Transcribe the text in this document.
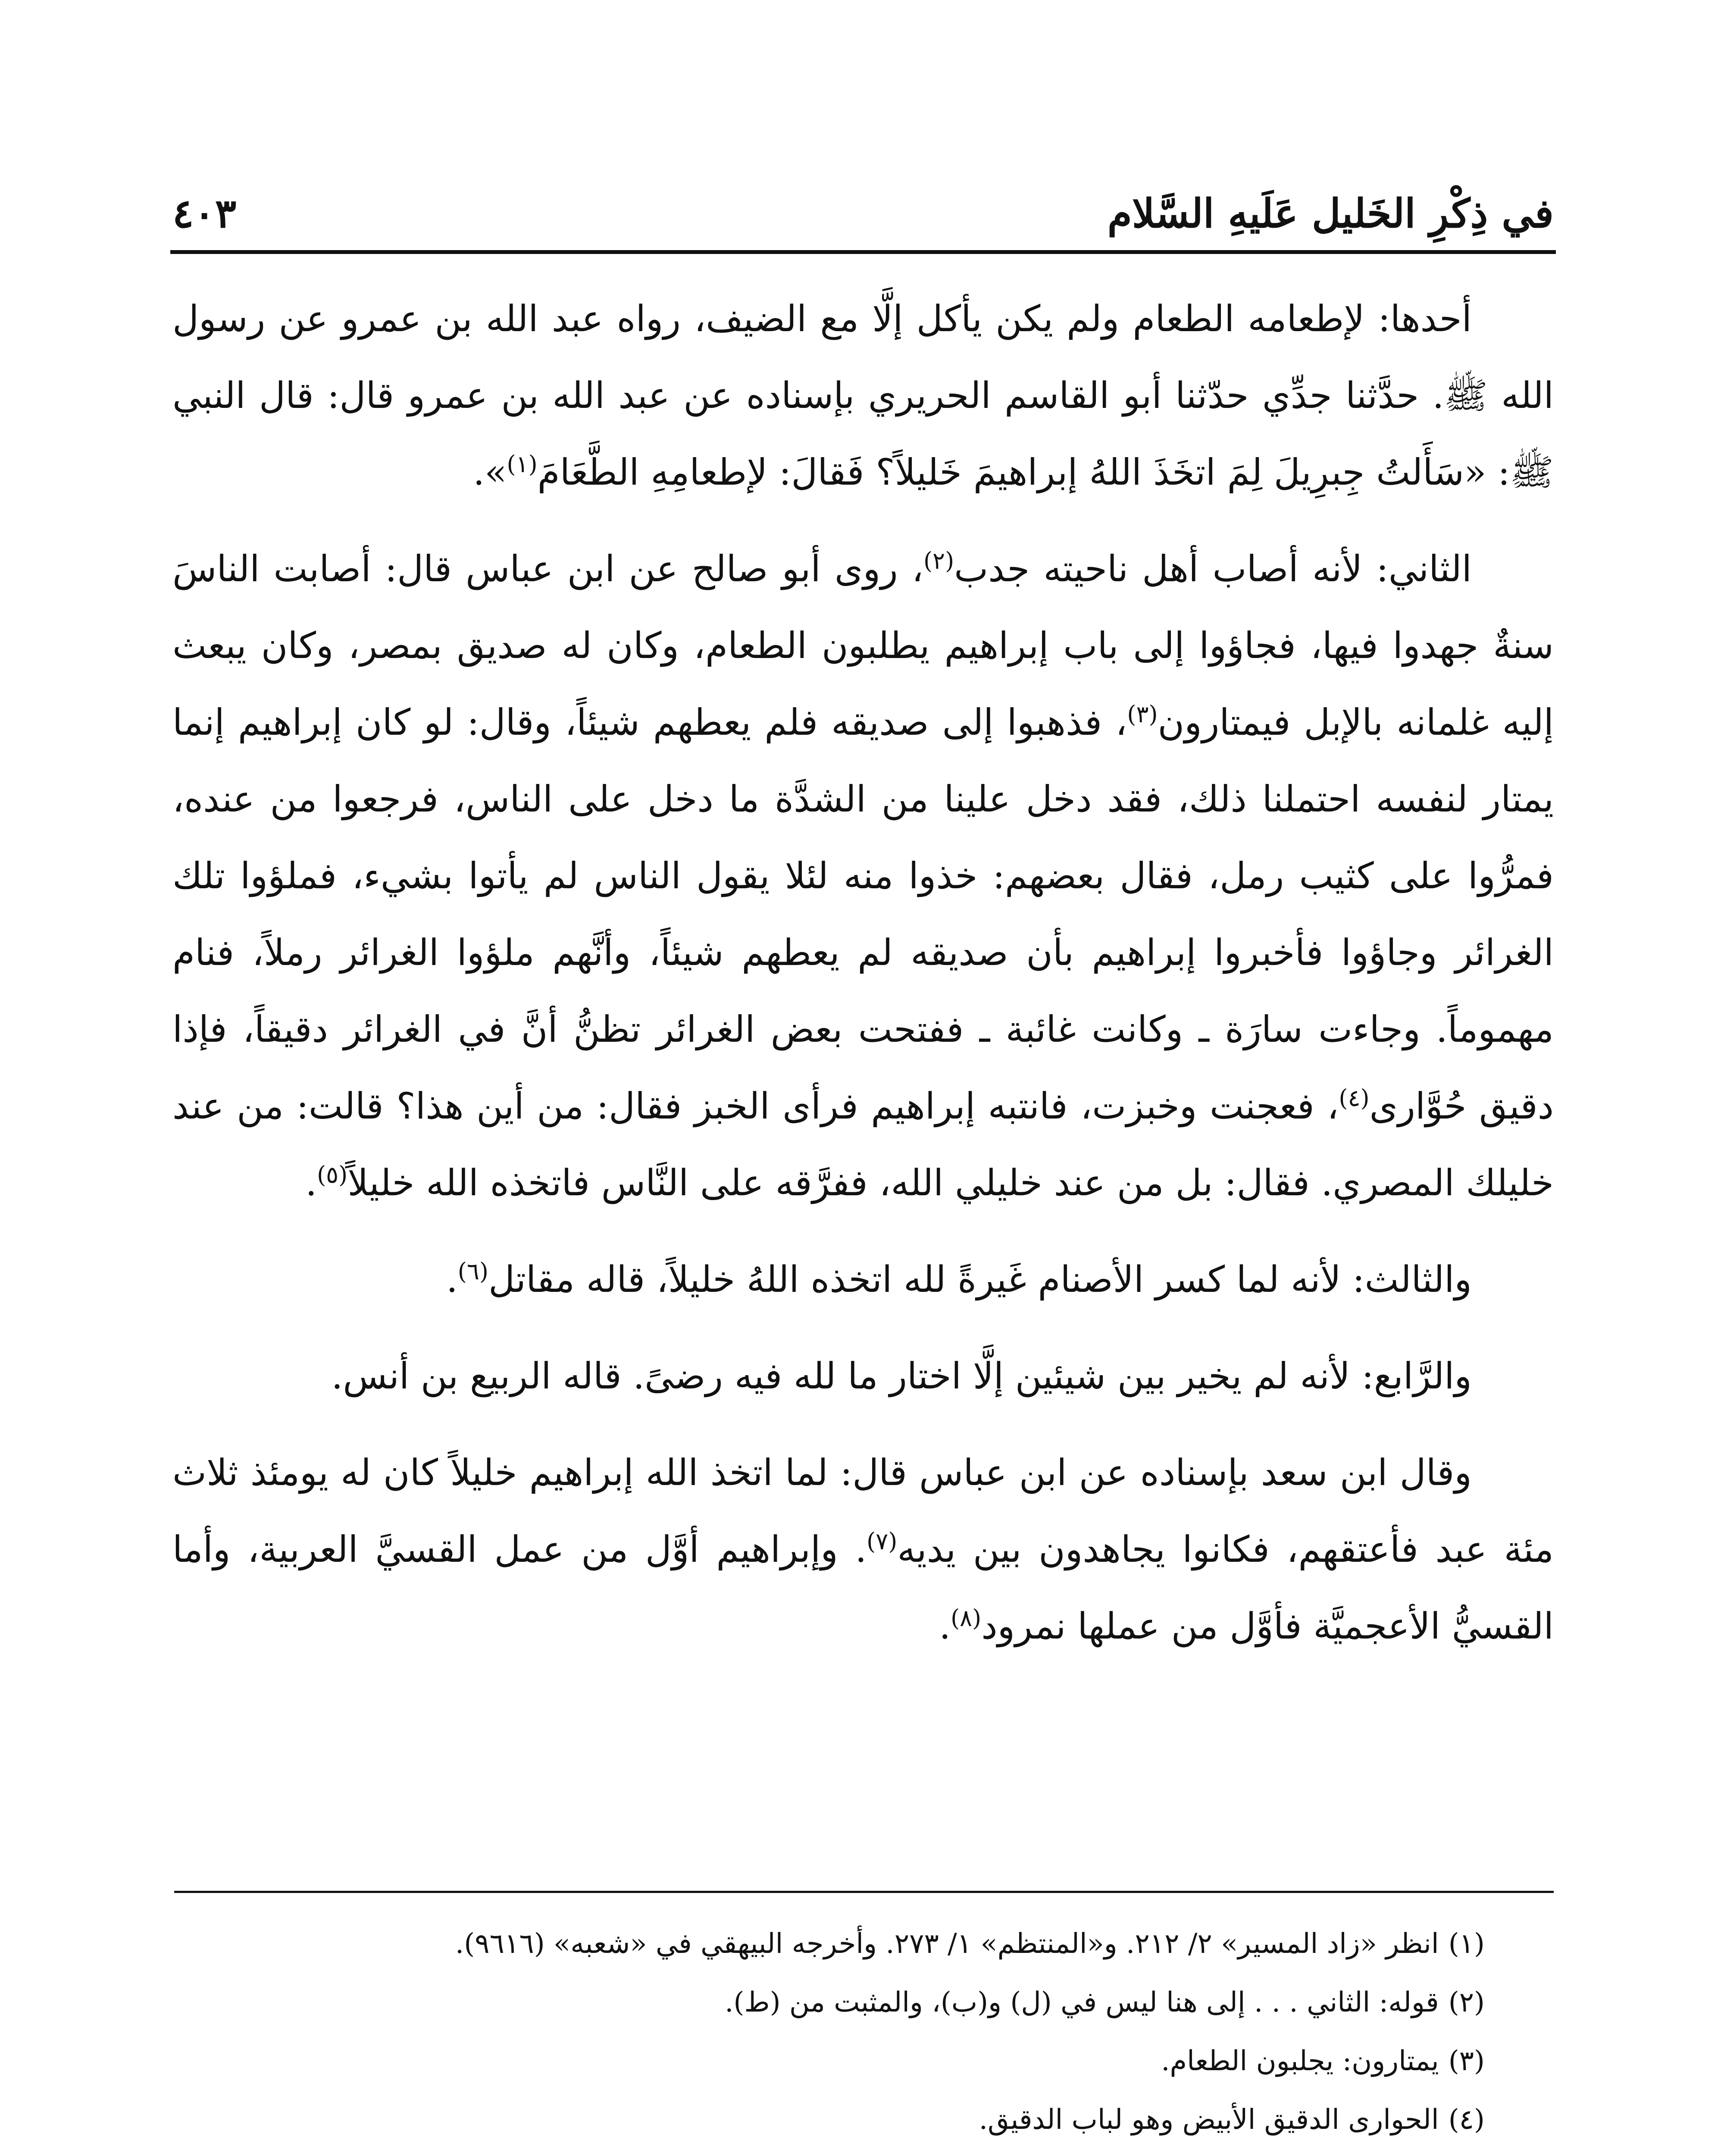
في ذِكْرِ الخَليل عَلَيهِ السَّلام
٤٠٣

أحدها: لإطعامه الطعام ولم يكن يأكل إلَّا مع الضيف، رواه عبد الله بن عمرو عن رسول الله ﷺ. حدَّثنا جدِّي حدّثنا أبو القاسم الحريري بإسناده عن عبد الله بن عمرو قال: قال النبي ﷺ: «سَأَلتُ جِبرِيلَ لِمَ اتخَذَ اللهُ إبراهيمَ خَليلاً؟ فَقالَ: لإطعامِهِ الطَّعَامَ$^{(١)}$».

الثاني: لأنه أصاب أهل ناحيته جدب$^{(٢)}$، روى أبو صالح عن ابن عباس قال: أصابت الناسَ سنةٌ جهدوا فيها، فجاؤوا إلى باب إبراهيم يطلبون الطعام، وكان له صديق بمصر، وكان يبعث إليه غلمانه بالإبل فيمتارون$^{(٣)}$، فذهبوا إلى صديقه فلم يعطهم شيئاً، وقال: لو كان إبراهيم إنما يمتار لنفسه احتملنا ذلك، فقد دخل علينا من الشدَّة ما دخل على الناس، فرجعوا من عنده، فمرُّوا على كثيب رمل، فقال بعضهم: خذوا منه لئلا يقول الناس لم يأتوا بشيء، فملؤوا تلك الغرائر وجاؤوا فأخبروا إبراهيم بأن صديقه لم يعطهم شيئاً، وأنَّهم ملؤوا الغرائر رملاً، فنام مهموماً. وجاءت سارَة ـ وكانت غائبة ـ ففتحت بعض الغرائر تظنُّ أنَّ في الغرائر دقيقاً، فإذا دقيق حُوَّارى$^{(٤)}$، فعجنت وخبزت، فانتبه إبراهيم فرأى الخبز فقال: من أين هذا؟ قالت: من عند خليلك المصري. فقال: بل من عند خليلي الله، ففرَّقه على النَّاس فاتخذه الله خليلاً$^{(٥)}$.

والثالث: لأنه لما كسر الأصنام غَيرةً لله اتخذه اللهُ خليلاً، قاله مقاتل$^{(٦)}$.

والرَّابع: لأنه لم يخير بين شيئين إلَّا اختار ما لله فيه رضىً. قاله الربيع بن أنس.

وقال ابن سعد بإسناده عن ابن عباس قال: لما اتخذ الله إبراهيم خليلاً كان له يومئذ ثلاث مئة عبد فأعتقهم، فكانوا يجاهدون بين يديه$^{(٧)}$. وإبراهيم أوَّل من عمل القسيَّ العربية، وأما القسيُّ الأعجميَّة فأوَّل من عملها نمرود$^{(٨)}$.

(١)انظر «زاد المسير» ٢/ ٢١٢. و«المنتظم» ١/ ٢٧٣. وأخرجه البيهقي في «شعبه» (٩٦١٦).

(٢)قوله: الثاني . . . إلى هنا ليس في (ل) و(ب)، والمثبت من (ط).

(٣)يمتارون: يجلبون الطعام.

(٤)الحوارى الدقيق الأبيض وهو لباب الدقيق.
